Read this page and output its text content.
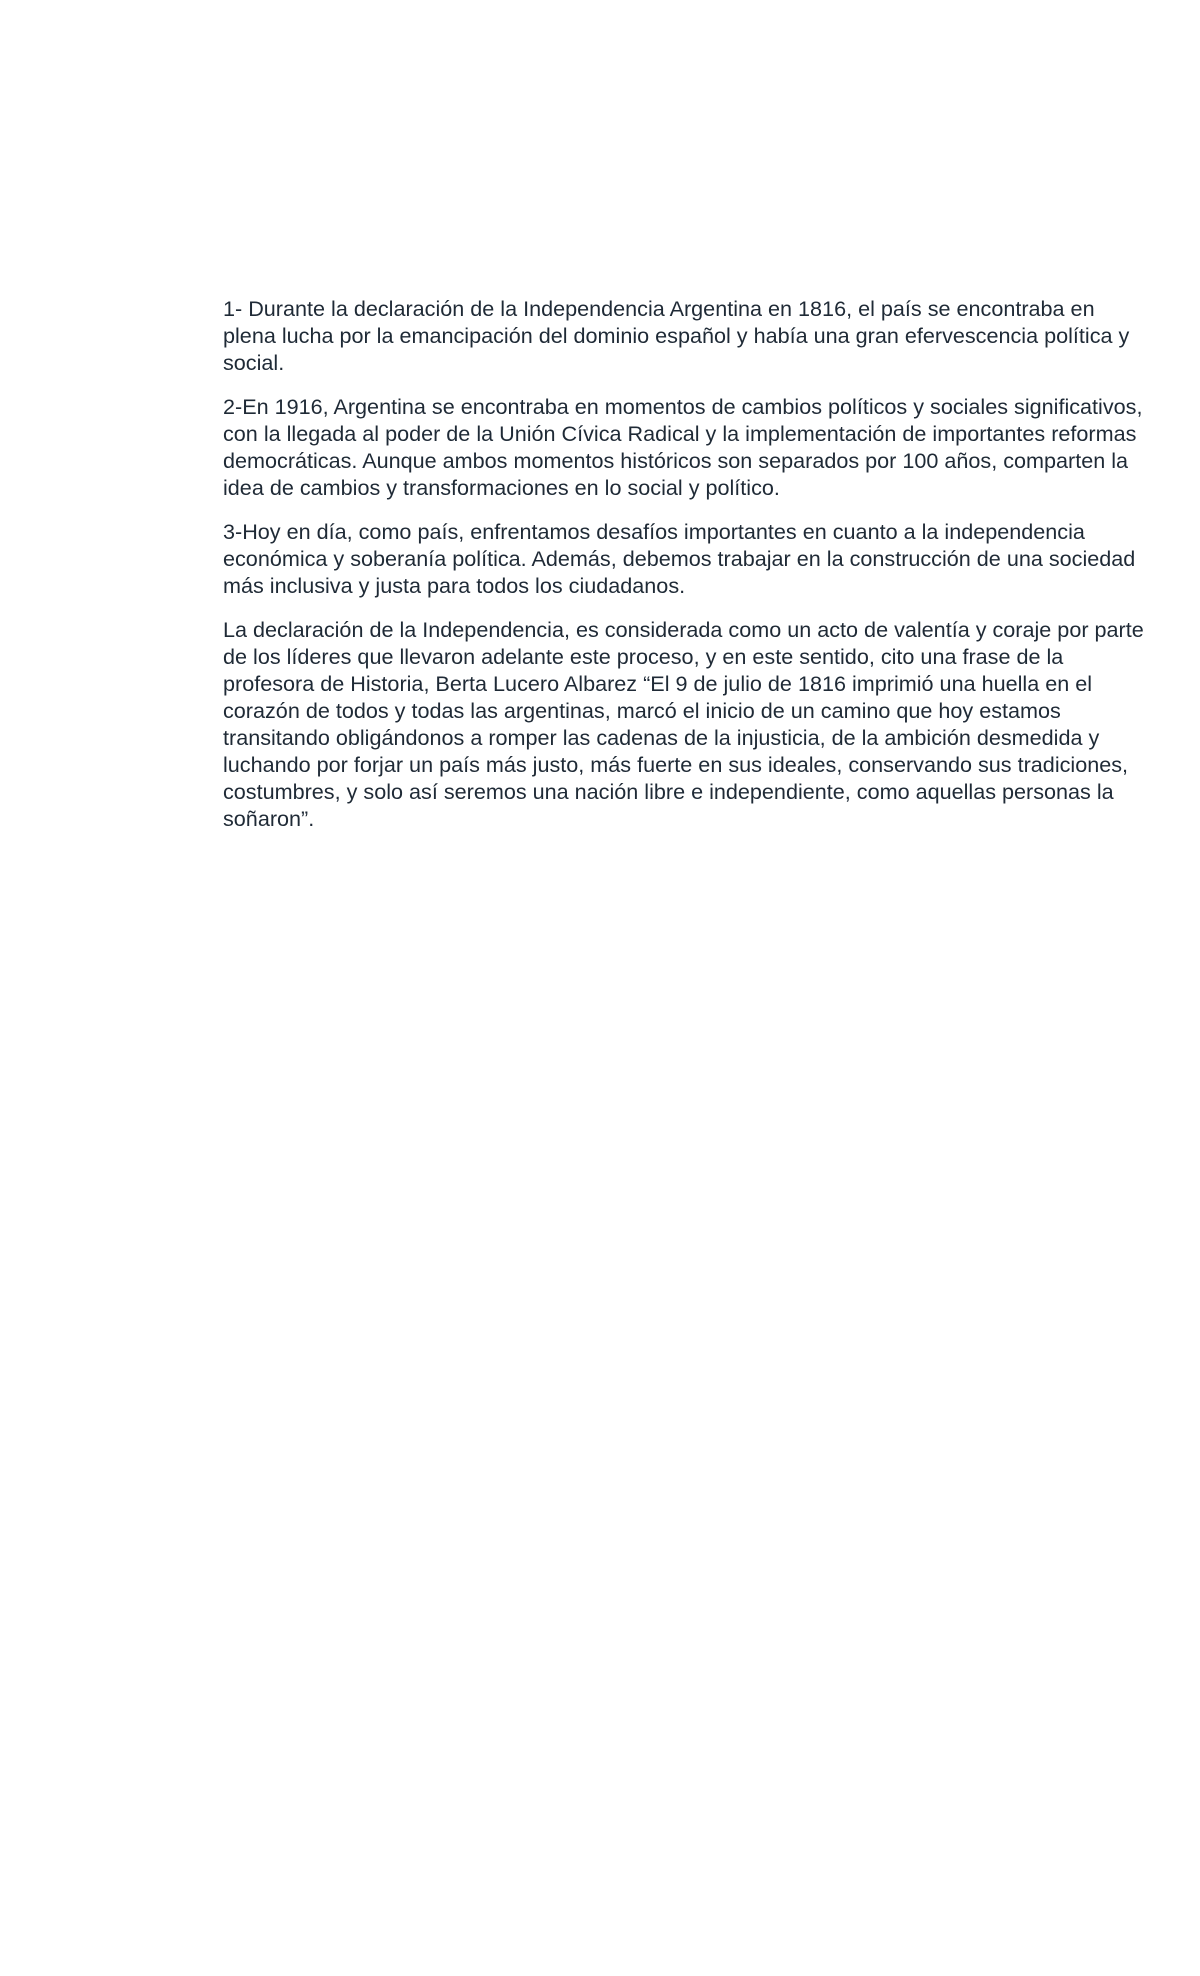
1- Durante la declaración de la Independencia Argentina en 1816, el país se encontraba en plena lucha por la emancipación del dominio español y había una gran efervescencia política y social.

2-En 1916, Argentina se encontraba en momentos de cambios políticos y sociales significativos, con la llegada al poder de la Unión Cívica Radical y la implementación de importantes reformas democráticas. Aunque ambos momentos históricos son separados por 100 años, comparten la idea de cambios y transformaciones en lo social y político.

3-Hoy en día, como país, enfrentamos desafíos importantes en cuanto a la independencia económica y soberanía política. Además, debemos trabajar en la construcción de una sociedad más inclusiva y justa para todos los ciudadanos.

La declaración de la Independencia, es considerada como un acto de valentía y coraje por parte de los líderes que llevaron adelante este proceso, y en este sentido, cito una frase de la profesora de Historia, Berta Lucero Albarez “El 9 de julio de 1816 imprimió una huella en el corazón de todos y todas las argentinas, marcó el inicio de un camino que hoy estamos transitando obligándonos a romper las cadenas de la injusticia, de la ambición desmedida y luchando por forjar un país más justo, más fuerte en sus ideales, conservando sus tradiciones, costumbres, y solo así seremos una nación libre e independiente, como aquellas personas la soñaron”.
